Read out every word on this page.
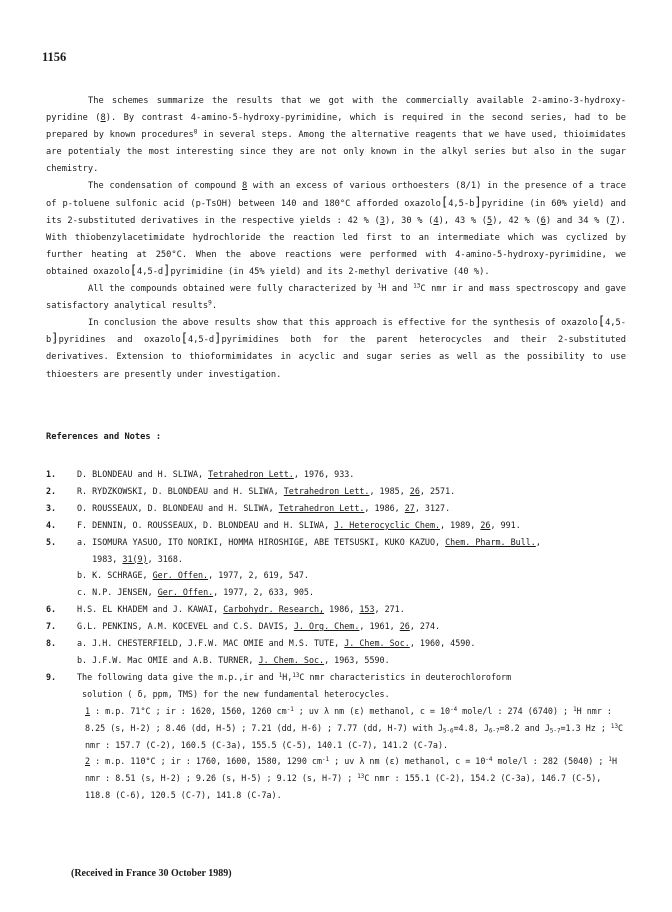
1156

The schemes summarize the results that we got with the commercially available 2-amino-3-hydroxy-pyridine (8). By contrast 4-amino-5-hydroxy-pyrimidine, which is required in the second series, had to be prepared by known procedures$^8$ in several steps. Among the alternative reagents that we have used, thioimidates are potentialy the most interesting since they are not only known in the alkyl series but also in the sugar chemistry.

The condensation of compound 8 with an excess of various orthoesters (8/1) in the presence of a trace of p-toluene sulfonic acid (p-TsOH) between 140 and 180°C afforded oxazolo[4,5-b]pyridine (in 60% yield) and its 2-substituted derivatives in the respective yields : 42 % (3), 30 % (4), 43 % (5), 42 % (6) and 34 % (7). With thiobenzylacetimidate hydrochloride the reaction led first to an intermediate which was cyclized by further heating at 250°C. When the above reactions were performed with 4-amino-5-hydroxy-pyrimidine, we obtained oxazolo[4,5-d]pyrimidine (in 45% yield) and its 2-methyl derivative (40 %).

All the compounds obtained were fully characterized by $^1$H and $^{13}$C nmr ir and mass spectroscopy and gave satisfactory analytical results$^9$.

In conclusion the above results show that this approach is effective for the synthesis of oxazolo[4,5-b]pyridines and oxazolo[4,5-d]pyrimidines both for the parent heterocycles and their 2-substituted derivatives. Extension to thioformimidates in acyclic and sugar series as well as the possibility to use thioesters are presently under investigation.

References and Notes :
1.	D. BLONDEAU and H. SLIWA, Tetrahedron Lett., 1976, 933.
2.	R. RYDZKOWSKI, D. BLONDEAU and H. SLIWA, Tetrahedron Lett., 1985, 26, 2571.
3.	O. ROUSSEAUX, D. BLONDEAU and H. SLIWA, Tetrahedron Lett., 1986, 27, 3127.
4.	F. DENNIN, O. ROUSSEAUX, D. BLONDEAU and H. SLIWA, J. Heterocyclic Chem., 1989, 26, 991.
5.	a. ISOMURA YASUO, ITO NORIKI, HOMMA HIROSHIGE, ABE TETSUSKI, KUKO KAZUO, Chem. Pharm. Bull.,
1983, 31(9), 3168.
b. K. SCHRAGE, Ger. Offen., 1977, 2, 619, 547.
c. N.P. JENSEN, Ger. Offen., 1977, 2, 633, 905.
6.	H.S. EL KHADEM and J. KAWAI, Carbohydr. Research, 1986, 153, 271.
7.	G.L. PENKINS, A.M. KOCEVEL and C.S. DAVIS, J. Org. Chem., 1961, 26, 274.
8.	a. J.H. CHESTERFIELD, J.F.W. MAC OMIE and M.S. TUTE, J. Chem. Soc., 1960, 4590.
b. J.F.W. Mac OMIE and A.B. TURNER, J. Chem. Soc., 1963, 5590.
9.	The following data give the m.p.,ir and $^1$H,$^{13}$C nmr characteristics in deuterochloroform
solution ( δ, ppm, TMS) for the new fundamental heterocycles.
1 : m.p. 71°C ; ir : 1620, 1560, 1260 $cm^{-1}$ ; uv λ nm (ε) methanol, $c = 10^{-4}$ mole/l : 274 (6740) ; $^1$H nmr : 8.25 (s, H-2) ; 8.46 (dd, H-5) ; 7.21 (dd, H-6) ; 7.77 (dd, H-7) with $J_{5-6}=4.8$, $J_{6-7}=8.2$ and $J_{5-7}=1.3$ Hz ; $^{13}$C nmr : 157.7 (C-2), 160.5 (C-3a), 155.5 (C-5), 140.1 (C-7), 141.2 (C-7a).
2 : m.p. 110°C ; ir : 1760, 1600, 1580, 1290 $cm^{-1}$ ; uv λ nm (ε) methanol, $c = 10^{-4}$ mole/l : 282 (5040) ; $^1$H nmr : 8.51 (s, H-2) ; 9.26 (s, H-5) ; 9.12 (s, H-7) ; $^{13}$C nmr : 155.1 (C-2), 154.2 (C-3a), 146.7 (C-5), 118.8 (C-6), 120.5 (C-7), 141.8 (C-7a).
(Received in France 30 October 1989)
